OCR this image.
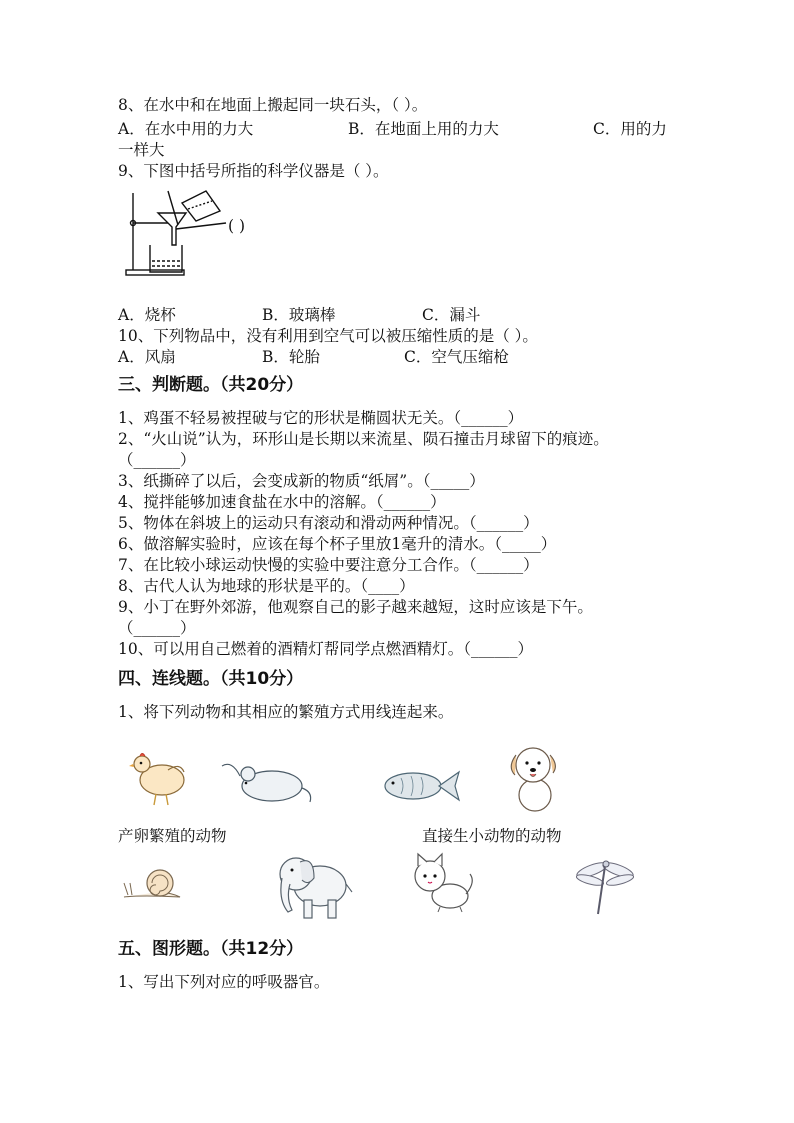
8、在水中和在地面上搬起同一块石头，（ ）。
A．在水中用的力大	B．在地面上用的力大	C．用的力
一样大
9、下图中括号所指的科学仪器是（ ）。
( )
A．烧杯	B．玻璃棒	C．漏斗
10、下列物品中，没有利用到空气可以被压缩性质的是（ ）。
A．风扇	B．轮胎	C．空气压缩枪
三、判断题。（共20分）
1、鸡蛋不轻易被捏破与它的形状是椭圆状无关。（______）
2、“火山说”认为，环形山是长期以来流星、陨石撞击月球留下的痕迹。
（______）
3、纸撕碎了以后，会变成新的物质“纸屑”。（_____）
4、搅拌能够加速食盐在水中的溶解。（______）
5、物体在斜坡上的运动只有滚动和滑动两种情况。（______）
6、做溶解实验时，应该在每个杯子里放1毫升的清水。（_____）
7、在比较小球运动快慢的实验中要注意分工合作。（______）
8、古代人认为地球的形状是平的。（____）
9、小丁在野外郊游，他观察自己的影子越来越短，这时应该是下午。
（______）
10、可以用自己燃着的酒精灯帮同学点燃酒精灯。（______）
四、连线题。（共10分）
1、将下列动物和其相应的繁殖方式用线连起来。
产卵繁殖的动物	直接生小动物的动物
五、图形题。（共12分）
1、写出下列对应的呼吸器官。
